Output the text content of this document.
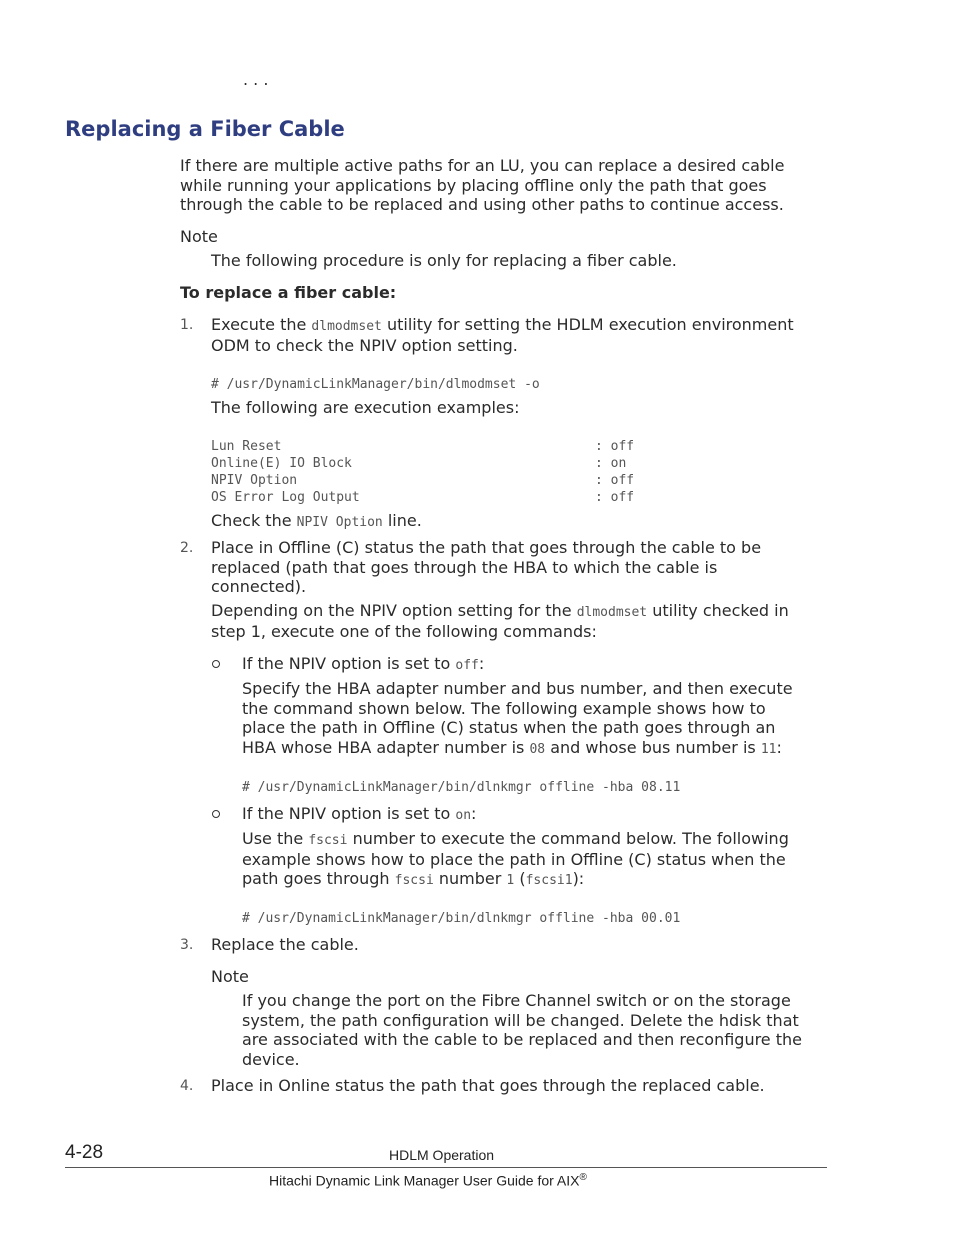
. . .
Replacing a Fiber Cable
If there are multiple active paths for an LU, you can replace a desired cable while running your applications by placing offline only the path that goes through the cable to be replaced and using other paths to continue access.
Note
The following procedure is only for replacing a fiber cable.
To replace a fiber cable:
1. Execute the dlmodmset utility for setting the HDLM execution environment
ODM to check the NPIV option setting.
# /usr/DynamicLinkManager/bin/dlmodmset -o
The following are execution examples:
Lun Reset	: off
Online(E) IO Block	: on
NPIV Option	: off
OS Error Log Output	: off
Check the NPIV Option line.
2. Place in Offline (C) status the path that goes through the cable to be replaced (path that goes through the HBA to which the cable is connected).
Depending on the NPIV option setting for the dlmodmset utility checked in
step 1, execute one of the following commands:
If the NPIV option is set to off:
Specify the HBA adapter number and bus number, and then execute
the command shown below. The following example shows how to
place the path in Offline (C) status when the path goes through an
HBA whose HBA adapter number is 08 and whose bus number is 11:
# /usr/DynamicLinkManager/bin/dlnkmgr offline -hba 08.11
If the NPIV option is set to on:
Use the fscsi number to execute the command below. The following
example shows how to place the path in Offline (C) status when the
path goes through fscsi number 1 (fscsi1):
# /usr/DynamicLinkManager/bin/dlnkmgr offline -hba 00.01
3. Replace the cable.
Note
If you change the port on the Fibre Channel switch or on the storage system, the path configuration will be changed. Delete the hdisk that are associated with the cable to be replaced and then reconfigure the device.
4. Place in Online status the path that goes through the replaced cable.
4-28	HDLM Operation
Hitachi Dynamic Link Manager User Guide for AIX®
